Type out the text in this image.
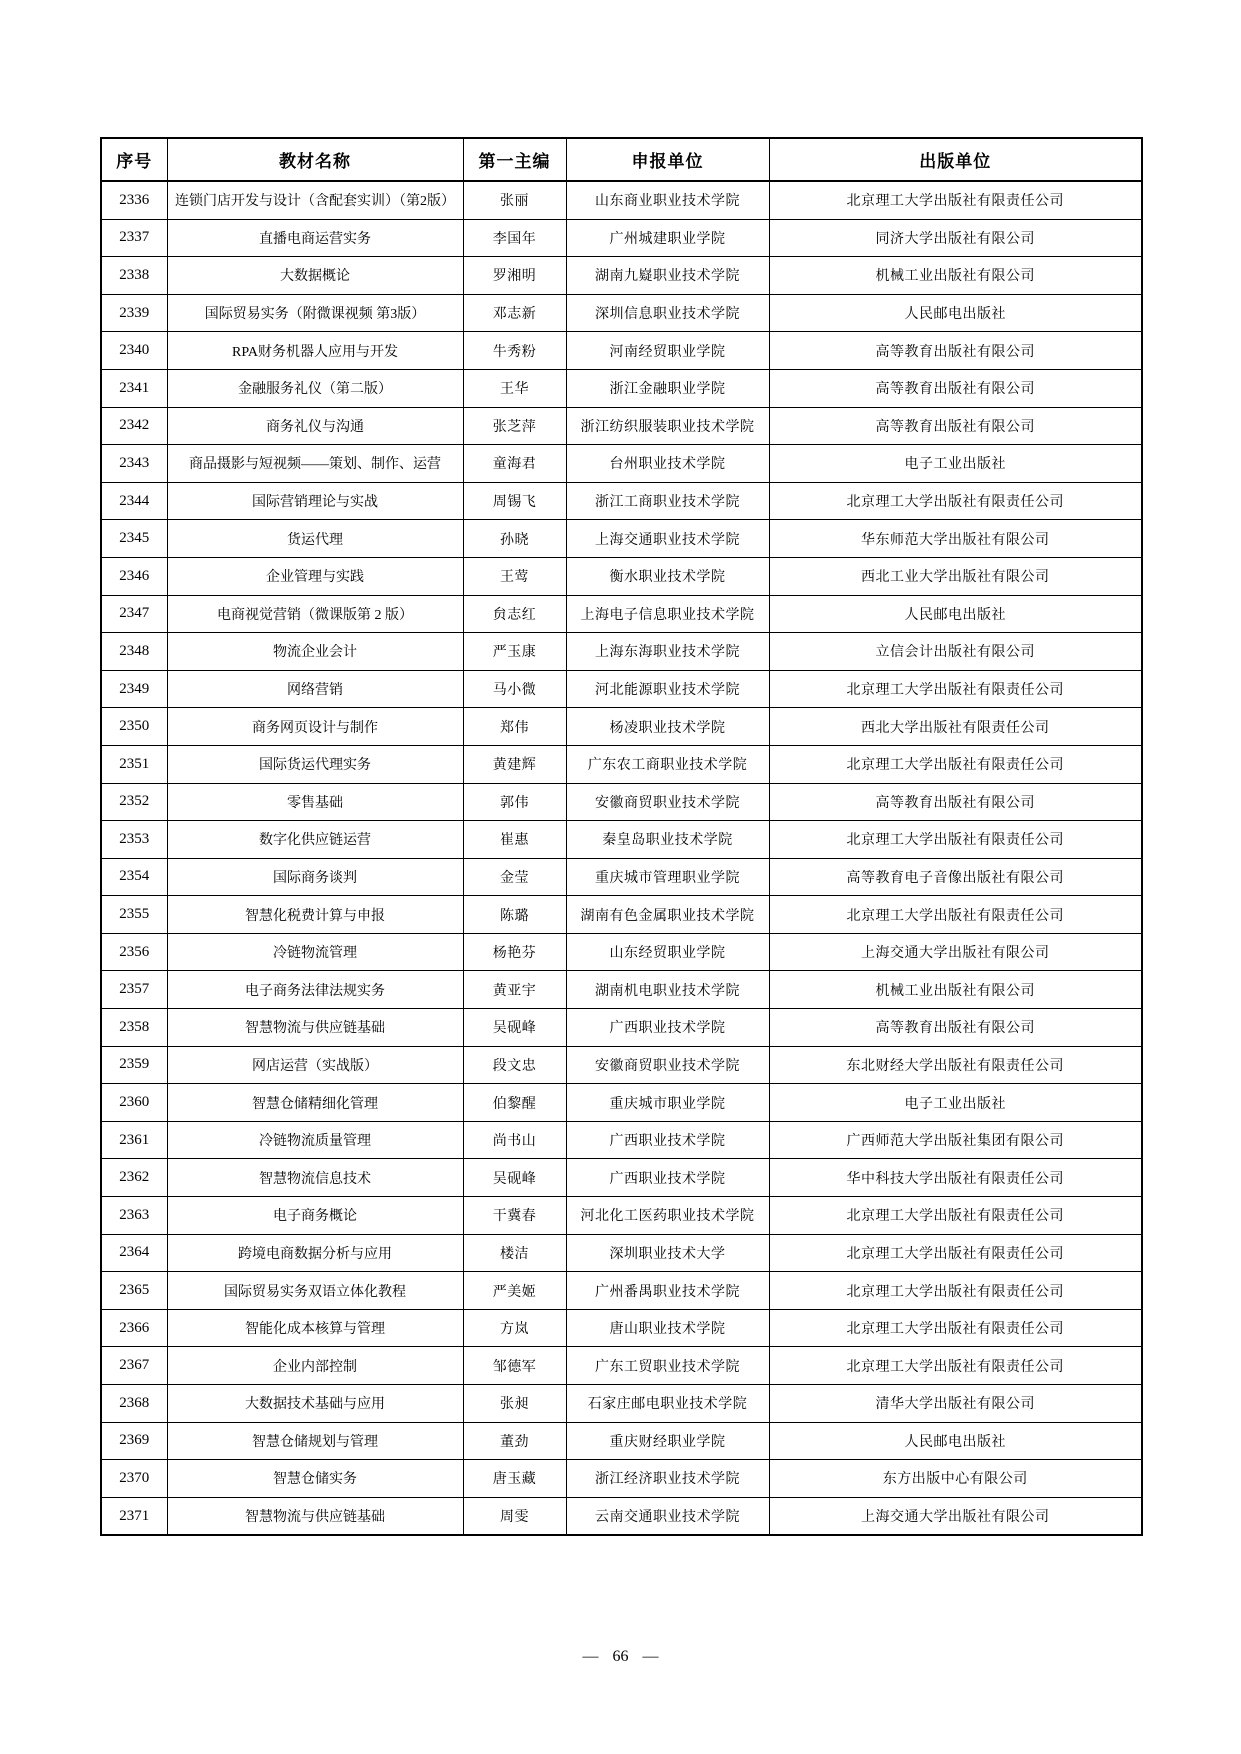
序号	教材名称	第一主编	申报单位	出版单位
2336	连锁门店开发与设计（含配套实训）（第2版）	张丽	山东商业职业技术学院	北京理工大学出版社有限责任公司
2337	直播电商运营实务	李国年	广州城建职业学院	同济大学出版社有限公司
2338	大数据概论	罗湘明	湖南九嶷职业技术学院	机械工业出版社有限公司
2339	国际贸易实务（附微课视频 第3版）	邓志新	深圳信息职业技术学院	人民邮电出版社
2340	RPA财务机器人应用与开发	牛秀粉	河南经贸职业学院	高等教育出版社有限公司
2341	金融服务礼仪（第二版）	王华	浙江金融职业学院	高等教育出版社有限公司
2342	商务礼仪与沟通	张芝萍	浙江纺织服装职业技术学院	高等教育出版社有限公司
2343	商品摄影与短视频——策划、制作、运营	童海君	台州职业技术学院	电子工业出版社
2344	国际营销理论与实战	周锡飞	浙江工商职业技术学院	北京理工大学出版社有限责任公司
2345	货运代理	孙晓	上海交通职业技术学院	华东师范大学出版社有限公司
2346	企业管理与实践	王莺	衡水职业技术学院	西北工业大学出版社有限公司
2347	电商视觉营销（微课版第 2 版）	贠志红	上海电子信息职业技术学院	人民邮电出版社
2348	物流企业会计	严玉康	上海东海职业技术学院	立信会计出版社有限公司
2349	网络营销	马小微	河北能源职业技术学院	北京理工大学出版社有限责任公司
2350	商务网页设计与制作	郑伟	杨凌职业技术学院	西北大学出版社有限责任公司
2351	国际货运代理实务	黄建辉	广东农工商职业技术学院	北京理工大学出版社有限责任公司
2352	零售基础	郭伟	安徽商贸职业技术学院	高等教育出版社有限公司
2353	数字化供应链运营	崔惠	秦皇岛职业技术学院	北京理工大学出版社有限责任公司
2354	国际商务谈判	金莹	重庆城市管理职业学院	高等教育电子音像出版社有限公司
2355	智慧化税费计算与申报	陈璐	湖南有色金属职业技术学院	北京理工大学出版社有限责任公司
2356	冷链物流管理	杨艳芬	山东经贸职业学院	上海交通大学出版社有限公司
2357	电子商务法律法规实务	黄亚宇	湖南机电职业技术学院	机械工业出版社有限公司
2358	智慧物流与供应链基础	吴砚峰	广西职业技术学院	高等教育出版社有限公司
2359	网店运营（实战版）	段文忠	安徽商贸职业技术学院	东北财经大学出版社有限责任公司
2360	智慧仓储精细化管理	伯黎醒	重庆城市职业学院	电子工业出版社
2361	冷链物流质量管理	尚书山	广西职业技术学院	广西师范大学出版社集团有限公司
2362	智慧物流信息技术	吴砚峰	广西职业技术学院	华中科技大学出版社有限责任公司
2363	电子商务概论	干冀春	河北化工医药职业技术学院	北京理工大学出版社有限责任公司
2364	跨境电商数据分析与应用	楼洁	深圳职业技术大学	北京理工大学出版社有限责任公司
2365	国际贸易实务双语立体化教程	严美姬	广州番禺职业技术学院	北京理工大学出版社有限责任公司
2366	智能化成本核算与管理	方岚	唐山职业技术学院	北京理工大学出版社有限责任公司
2367	企业内部控制	邹德军	广东工贸职业技术学院	北京理工大学出版社有限责任公司
2368	大数据技术基础与应用	张昶	石家庄邮电职业技术学院	清华大学出版社有限公司
2369	智慧仓储规划与管理	董劲	重庆财经职业学院	人民邮电出版社
2370	智慧仓储实务	唐玉藏	浙江经济职业技术学院	东方出版中心有限公司
2371	智慧物流与供应链基础	周雯	云南交通职业技术学院	上海交通大学出版社有限公司
— 66 —
